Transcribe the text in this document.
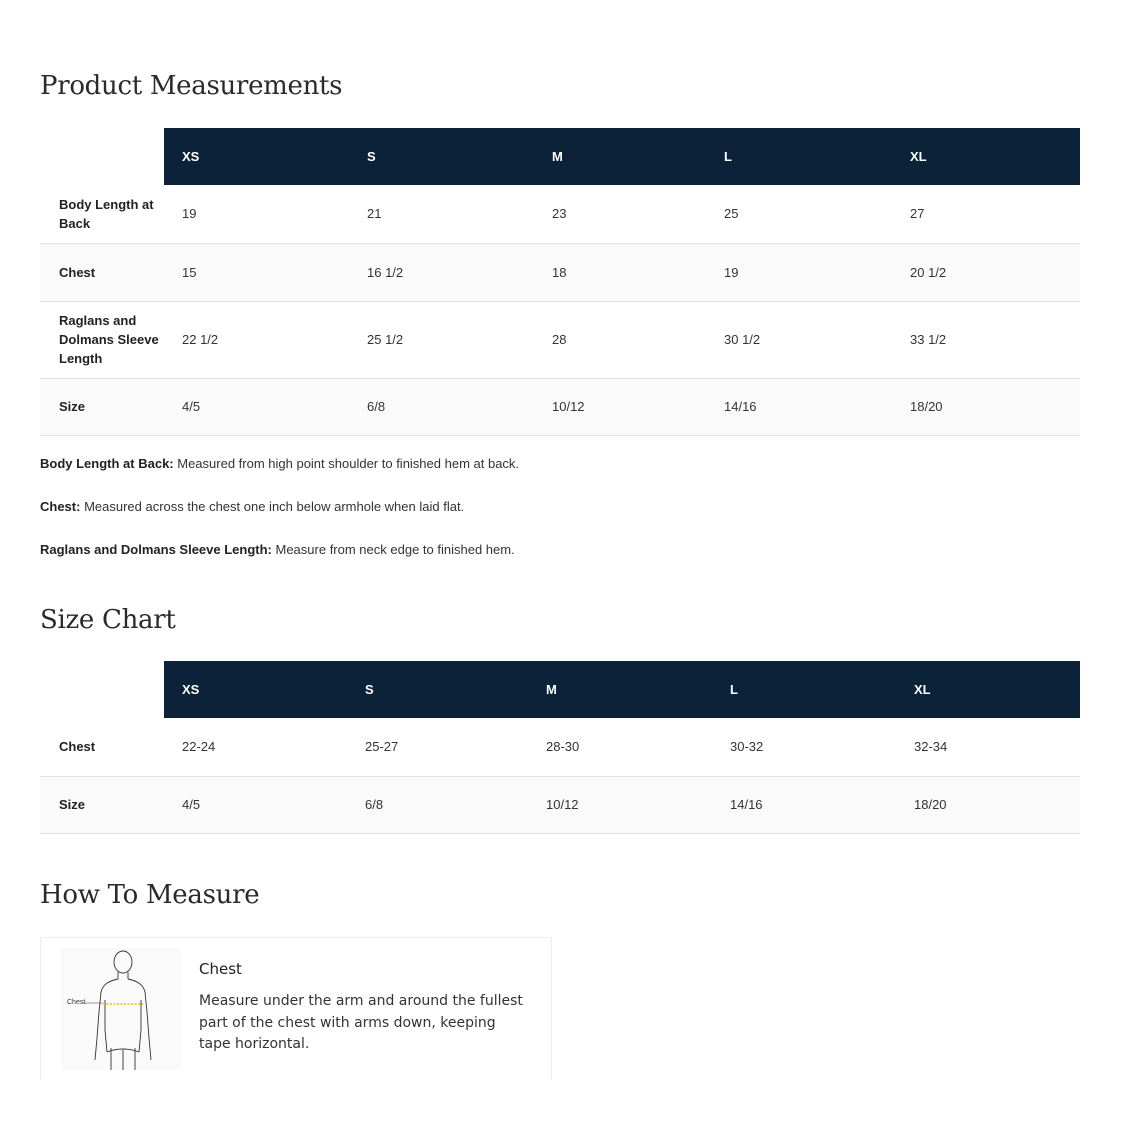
Product Measurements
	XS	S	M	L	XL
Body Length at Back	19	21	23	25	27
Chest	15	16 1/2	18	19	20 1/2
Raglans and Dolmans Sleeve Length	22 1/2	25 1/2	28	30 1/2	33 1/2
Size	4/5	6/8	10/12	14/16	18/20

Body Length at Back: Measured from high point shoulder to finished hem at back.

Chest: Measured across the chest one inch below armhole when laid flat.

Raglans and Dolmans Sleeve Length: Measure from neck edge to finished hem.

Size Chart
	XS	S	M	L	XL
Chest	22-24	25-27	28-30	30-32	32-34
Size	4/5	6/8	10/12	14/16	18/20
How To Measure
Chest
Chest
Measure under the arm and around the fullest part of the chest with arms down, keeping tape horizontal.
